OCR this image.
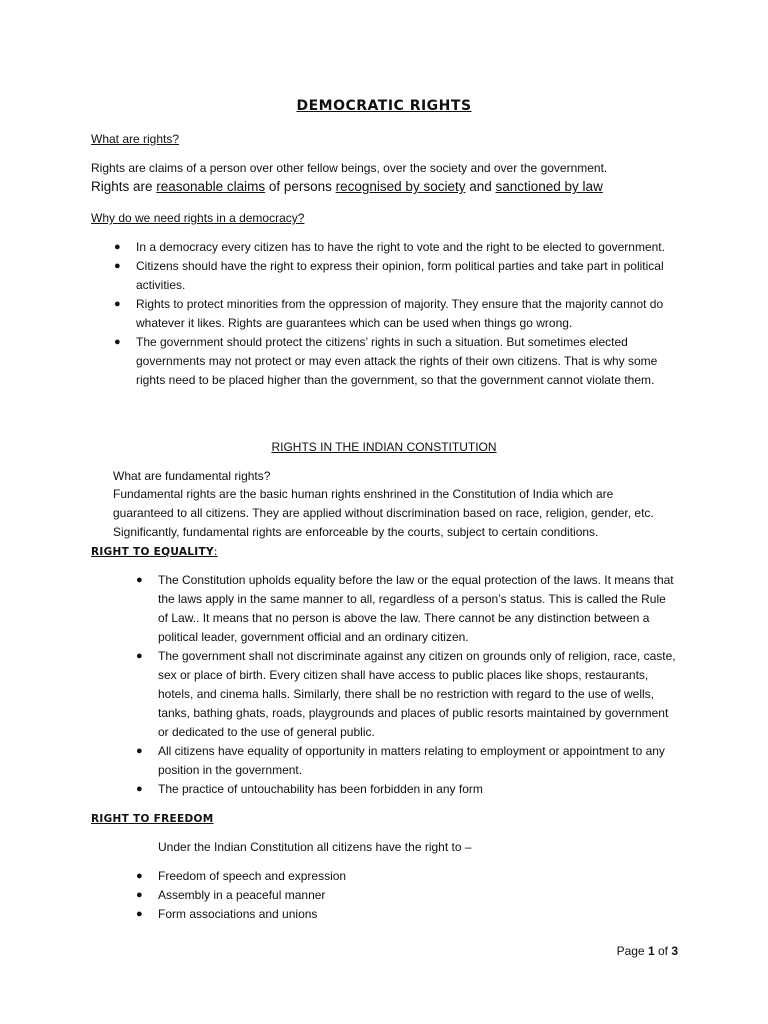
DEMOCRATIC RIGHTS
What are rights?
Rights are claims of a person over other fellow beings, over the society and over the government.
Rights are reasonable claims of persons recognised by society and sanctioned by law
Why do we need rights in a democracy?
● In a democracy every citizen has to have the right to vote and the right to be elected to government.
● Citizens should have the right to express their opinion, form political parties and take part in political activities.
● Rights to protect minorities from the oppression of majority. They ensure that the majority cannot do whatever it likes. Rights are guarantees which can be used when things go wrong.
● The government should protect the citizens’ rights in such a situation. But sometimes elected governments may not protect or may even attack the rights of their own citizens. That is why some rights need to be placed higher than the government, so that the government cannot violate them.
RIGHTS IN THE INDIAN CONSTITUTION
What are fundamental rights?
Fundamental rights are the basic human rights enshrined in the Constitution of India which are guaranteed to all citizens. They are applied without discrimination based on race, religion, gender, etc. Significantly, fundamental rights are enforceable by the courts, subject to certain conditions.
RIGHT TO EQUALITY:
● The Constitution upholds equality before the law or the equal protection of the laws. It means that the laws apply in the same manner to all, regardless of a person’s status. This is called the Rule of Law.. It means that no person is above the law. There cannot be any distinction between a political leader, government official and an ordinary citizen.
● The government shall not discriminate against any citizen on grounds only of religion, race, caste, sex or place of birth. Every citizen shall have access to public places like shops, restaurants, hotels, and cinema halls. Similarly, there shall be no restriction with regard to the use of wells, tanks, bathing ghats, roads, playgrounds and places of public resorts maintained by government or dedicated to the use of general public.
● All citizens have equality of opportunity in matters relating to employment or appointment to any position in the government.
● The practice of untouchability has been forbidden in any form
RIGHT TO FREEDOM
Under the Indian Constitution all citizens have the right to –
● Freedom of speech and expression
● Assembly in a peaceful manner
● Form associations and unions
Page 1 of 3
